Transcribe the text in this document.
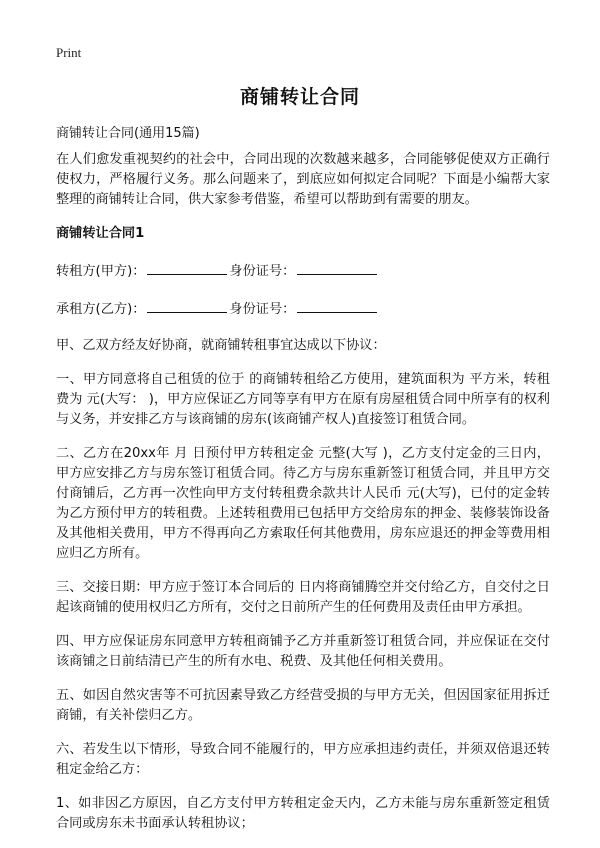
Print
商铺转让合同
商铺转让合同(通用15篇)

在人们愈发重视契约的社会中，合同出现的次数越来越多，合同能够促使双方正确行使权力，严格履行义务。那么问题来了，到底应如何拟定合同呢？下面是小编帮大家整理的商铺转让合同，供大家参考借鉴，希望可以帮助到有需要的朋友。

商铺转让合同1

转租方(甲方)：	身份证号：

承租方(乙方)：	身份证号：

甲、乙双方经友好协商，就商铺转租事宜达成以下协议：

一、甲方同意将自己租赁的位于 的商铺转租给乙方使用，建筑面积为 平方米，转租费为 元(大写： )，甲方应保证乙方同等享有甲方在原有房屋租赁合同中所享有的权利与义务，并安排乙方与该商铺的房东(该商铺产权人)直接签订租赁合同。

二、乙方在20xx年 月 日预付甲方转租定金 元整(大写 )，乙方支付定金的三日内，甲方应安排乙方与房东签订租赁合同。待乙方与房东重新签订租赁合同，并且甲方交付商铺后，乙方再一次性向甲方支付转租费余款共计人民币 元(大写)，已付的定金转为乙方预付甲方的转租费。上述转租费用已包括甲方交给房东的押金、装修装饰设备及其他相关费用，甲方不得再向乙方索取任何其他费用，房东应退还的押金等费用相应归乙方所有。

三、交接日期：甲方应于签订本合同后的 日内将商铺腾空并交付给乙方，自交付之日起该商铺的使用权归乙方所有，交付之日前所产生的任何费用及责任由甲方承担。

四、甲方应保证房东同意甲方转租商铺予乙方并重新签订租赁合同，并应保证在交付该商铺之日前结清已产生的所有水电、税费、及其他任何相关费用。

五、如因自然灾害等不可抗因素导致乙方经营受损的与甲方无关，但因国家征用拆迁商铺，有关补偿归乙方。

六、若发生以下情形，导致合同不能履行的，甲方应承担违约责任，并须双倍退还转租定金给乙方：

1、如非因乙方原因，自乙方支付甲方转租定金天内，乙方未能与房东重新签定租赁合同或房东未书面承认转租协议；
